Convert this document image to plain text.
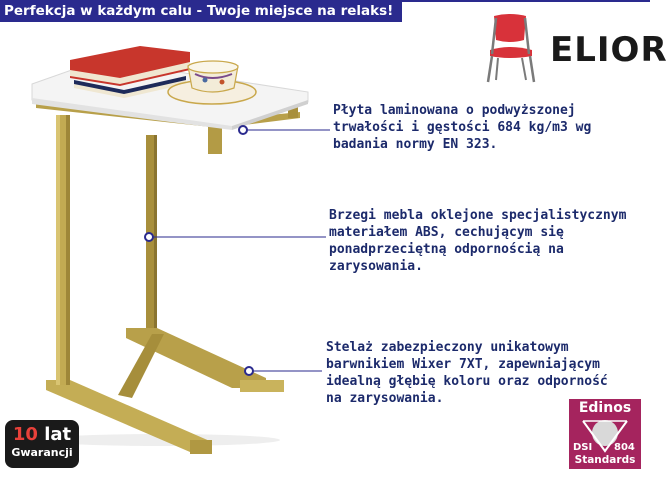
Perfekcja w każdym calu - Twoje miejsce na relaks!
ELIOR
Płyta laminowana o podwyższonej
trwałości i gęstości 684 kg/m3 wg
badania normy EN 323.
Brzegi mebla oklejone specjalistycznym
materiałem ABS, cechującym się
ponadprzeciętną odpornością na
zarysowania.
Stelaż zabezpieczony unikatowym
barwnikiem Wixer 7XT, zapewniającym
idealną głębię koloru oraz odporność
na zarysowania.
10 lat
Gwarancji
Edinos
DSI 804
Standards
